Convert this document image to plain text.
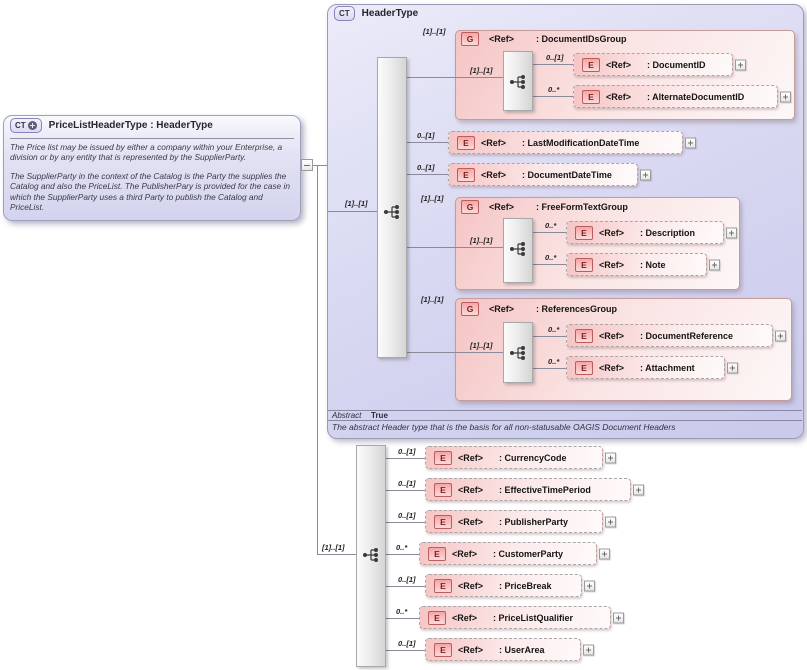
CT HeaderType
G	<Ref> : DocumentIDsGroup
G	<Ref> : FreeFormTextGroup
G	<Ref> : ReferencesGroup
E	<Ref> : DocumentID
E	<Ref> : AlternateDocumentID
E	<Ref> : LastModificationDateTime
E	<Ref> : DocumentDateTime
E	<Ref> : Description
E	<Ref> : Note
E	<Ref> : DocumentReference
E	<Ref> : Attachment
E	<Ref> : CurrencyCode
E	<Ref> : EffectiveTimePeriod
E	<Ref> : PublisherParty
E	<Ref> : CustomerParty
E	<Ref> : PriceBreak
E	<Ref> : PriceListQualifier
E	<Ref> : UserArea
[1]..[1]
[1]..[1]
0..[1]
0..*
0..[1]
0..[1]
[1]..[1]
[1]..[1]
0..*
0..*
[1]..[1]
[1]..[1]
0..*
0..*
[1]..[1]
[1]..[1]
0..[1]
0..[1]
0..[1]
0..*
0..[1]
0..*
0..[1]
Abstract True
The abstract Header type that is the basis for all non-statusable OAGIS Document Headers
CT PriceListHeaderType : HeaderType
The Price list may be issued by either a company within your Enterprise, a division or by any entity that is represented by the SupplierParty.
The SupplierParty in the context of the Catalog is the Party the supplies the Catalog and also the PriceList. The PublisherPary is provided for the case in which the SupplierParty uses a third Party to publish the Catalog and PriceList.
